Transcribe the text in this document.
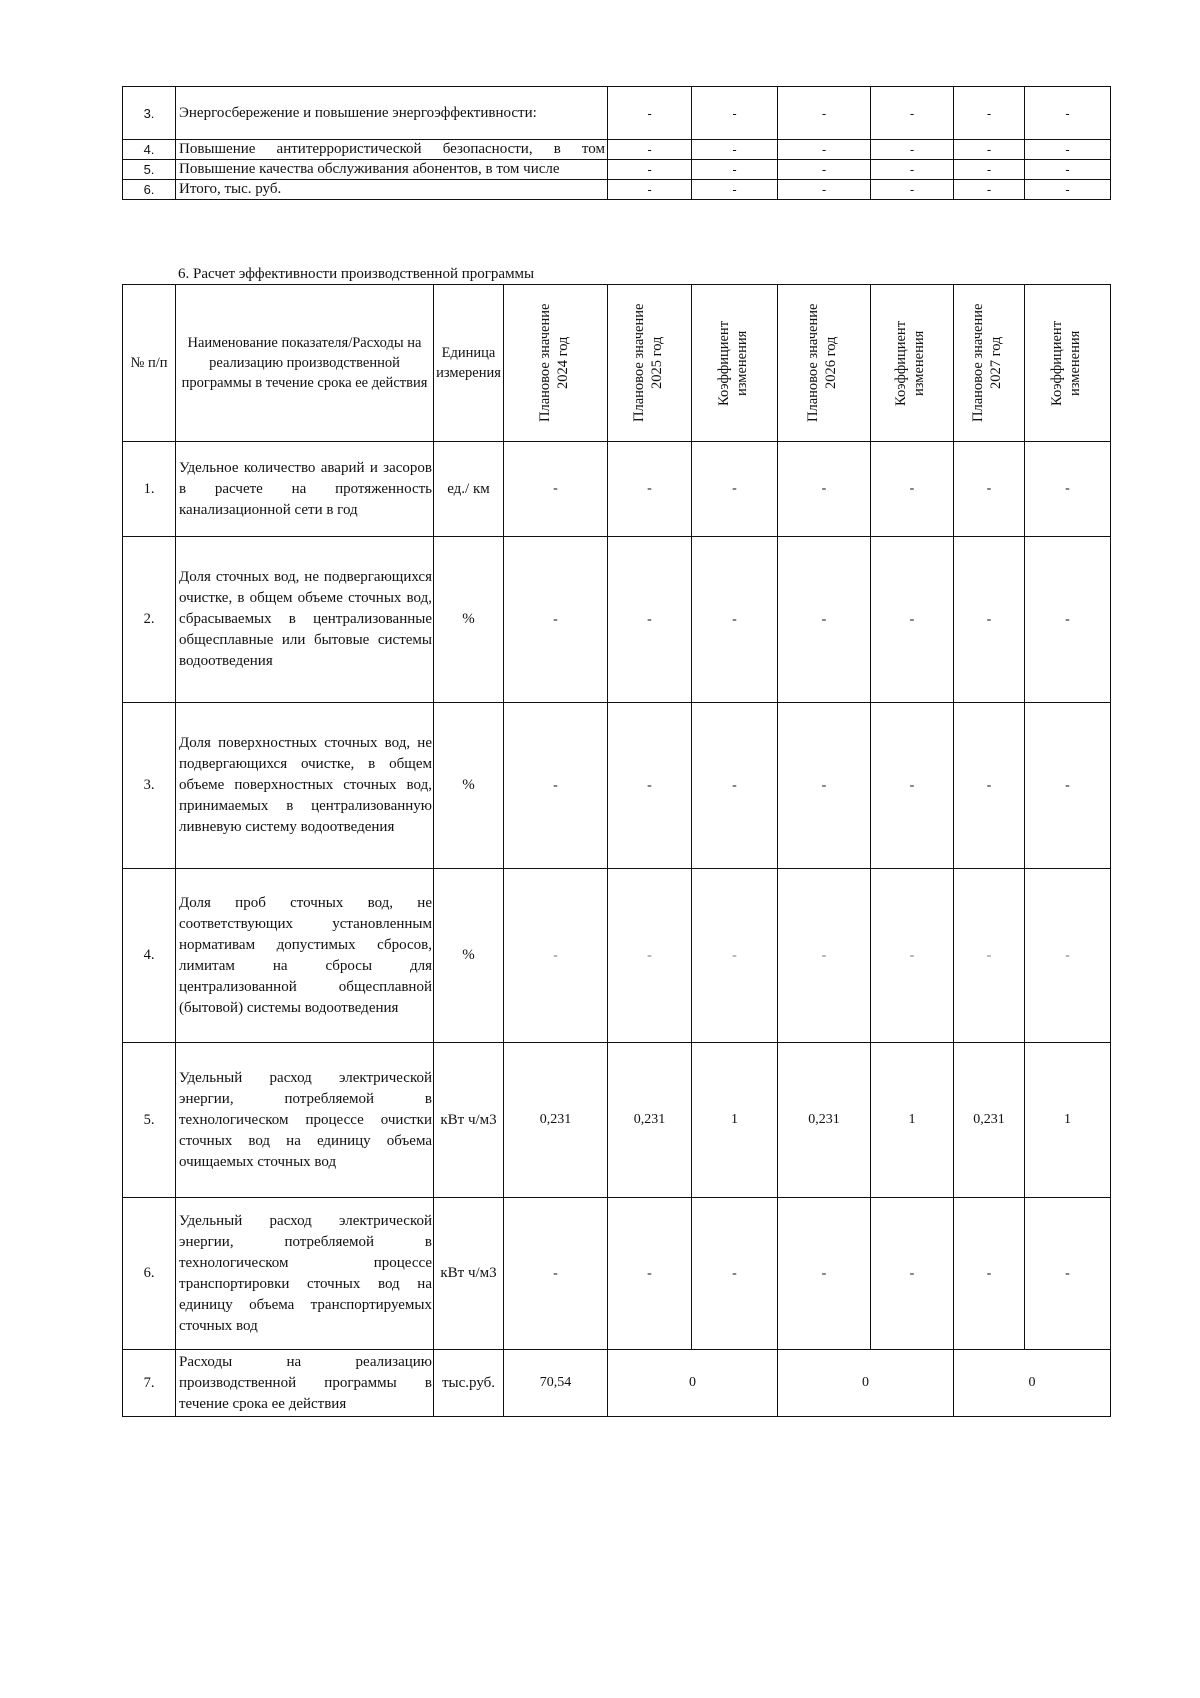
3.	Энергосбережение и повышение энергоэффективности:	-	-	-	-	-	-
4.	Повышение антитеррористической безопасности, в том	-	-	-	-	-	-
5.	Повышение качества обслуживания абонентов, в том числе	-	-	-	-	-	-
6.	Итого, тыс. руб.	-	-	-	-	-	-
6. Расчет эффективности производственной программы
№ п/п	Наименование показателя/Расходы на реализацию производственной программы в течение срока ее действия	Единица измерения	Плановое значение 2024 год	Плановое значение 2025 год	Коэффициент изменения	Плановое значение 2026 год	Коэффициент изменения	Плановое значение 2027 год	Коэффициент изменения

1.	Удельное количество аварий и засоров в расчете на протяженность канализационной сети в год	ед./ км	-	-	-	-	-	-	-
2.	Доля сточных вод, не подвергающихся очистке, в общем объеме сточных вод, сбрасываемых в централизованные общесплавные или бытовые системы водоотведения	%	-	-	-	-	-	-	-
3.	Доля поверхностных сточных вод, не подвергающихся очистке, в общем объеме поверхностных сточных вод, принимаемых в централизованную ливневую систему водоотведения	%	-	-	-	-	-	-	-
4.	Доля проб сточных вод, не соответствующих установленным нормативам допустимых сбросов, лимитам на сбросы для централизованной общесплавной (бытовой) системы водоотведения	%	-	-	-	-	-	-	-
5.	Удельный расход электрической энергии, потребляемой в технологическом процессе очистки сточных вод на единицу объема очищаемых сточных вод	кВт ч/м3	0,231	0,231	1	0,231	1	0,231	1
6.	Удельный расход электрической энергии, потребляемой в технологическом процессе транспортировки сточных вод на единицу объема транспортируемых сточных вод	кВт ч/м3	-	-	-	-	-	-	-
7.	Расходы на реализацию производственной программы в течение срока ее действия	тыс.руб.	70,54	0		0		0	
